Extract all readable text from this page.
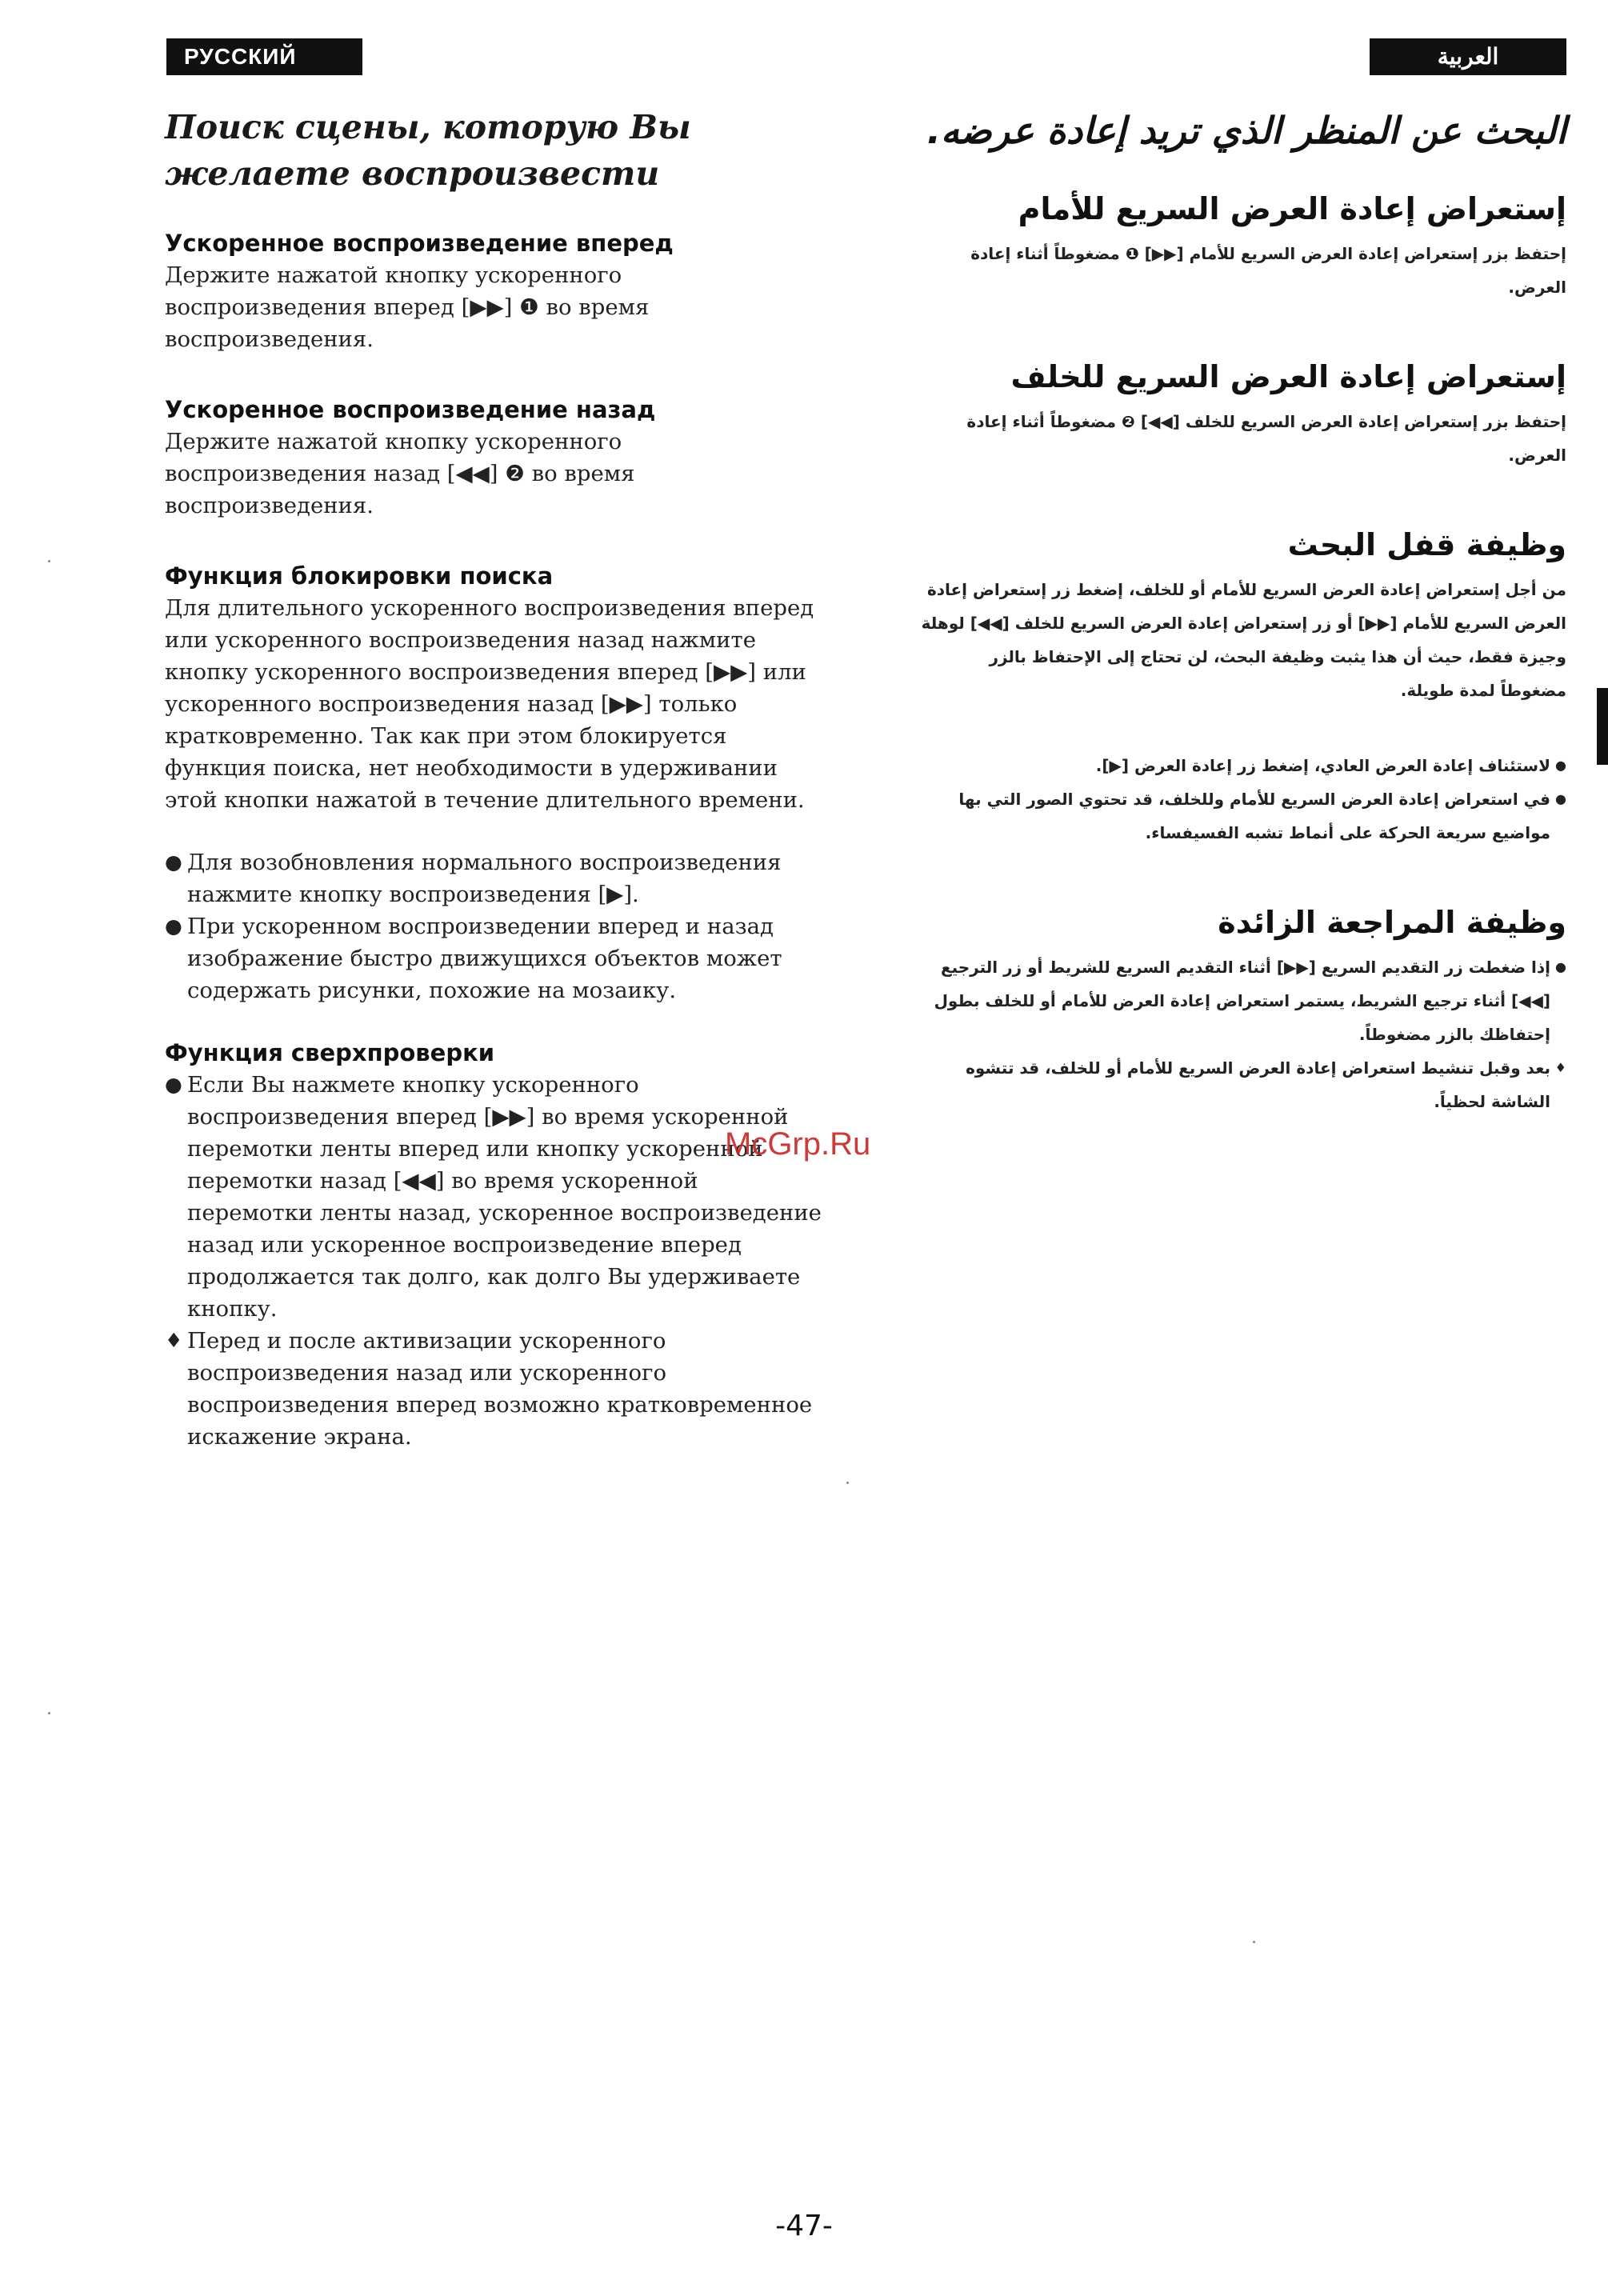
РУССКИЙ ЯЗЫК
العربية
Поиск сцены, которую Вы желаете воспроизвести

Ускоренное воспроизведение вперед

Держите нажатой кнопку ускоренного воспроизведения вперед [▶▶] ❶ во время воспроизведения.

Ускоренное воспроизведение назад

Держите нажатой кнопку ускоренного воспроизведения назад [◀◀] ❷ во время воспроизведения.

Функция блокировки поиска

Для длительного ускоренного воспроизведения вперед или ускоренного воспроизведения назад нажмите кнопку ускоренного воспроизведения вперед [▶▶] или ускоренного воспроизведения назад [▶▶] только кратковременно. Так как при этом блокируется функция поиска, нет необходимости в удерживании этой кнопки нажатой в течение длительного времени.

● Для возобновления нормального воспроизведения нажмите кнопку воспроизведения [▶].
● При ускоренном воспроизведении вперед и назад изображение быстро движущихся объектов может содержать рисунки, похожие на мозаику.

Функция сверхпроверки

● Если Вы нажмете кнопку ускоренного воспроизведения вперед [▶▶] во время ускоренной перемотки ленты вперед или кнопку ускоренной перемотки назад [◀◀] во время ускоренной перемотки ленты назад, ускоренное воспроизведение назад или ускоренное воспроизведение вперед продолжается так долго, как долго Вы удерживаете кнопку.
♦ Перед и после активизации ускоренного воспроизведения назад или ускоренного воспроизведения вперед возможно кратковременное искажение экрана.
البحث عن المنظر الذي تريد إعادة عرضه.

إستعراض إعادة العرض السريع للأمام

إحتفظ بزر إستعراض إعادة العرض السريع للأمام [▶▶] ❶ مضغوطاً أثناء إعادة العرض.

إستعراض إعادة العرض السريع للخلف

إحتفظ بزر إستعراض إعادة العرض السريع للخلف [◀◀] ❷ مضغوطاً أثناء إعادة العرض.

وظيفة قفل البحث

من أجل إستعراض إعادة العرض السريع للأمام أو للخلف، إضغط زر إستعراض إعادة العرض السريع للأمام [▶▶] أو زر إستعراض إعادة العرض السريع للخلف [◀◀] لوهلة وجيزة فقط، حيث أن هذا يثبت وظيفة البحث، لن تحتاج إلى الإحتفاظ بالزر مضغوطاً لمدة طويلة.

●
لاستئناف إعادة العرض العادي، إضغط زر إعادة العرض [▶].
●
في استعراض إعادة العرض السريع للأمام وللخلف، قد تحتوي الصور التي بها مواضيع سريعة الحركة على أنماط تشبه الفسيفساء.

وظيفة المراجعة الزائدة

●
إذا ضغطت زر التقديم السريع [▶▶] أثناء التقديم السريع للشريط أو زر الترجيع [◀◀] أثناء ترجيع الشريط، يستمر استعراض إعادة العرض للأمام أو للخلف بطول إحتفاظك بالزر مضغوطاً.
♦
بعد وقبل تنشيط استعراض إعادة العرض السريع للأمام أو للخلف، قد تتشوه الشاشة لحظياً.
McGrp.Ru
-47-
